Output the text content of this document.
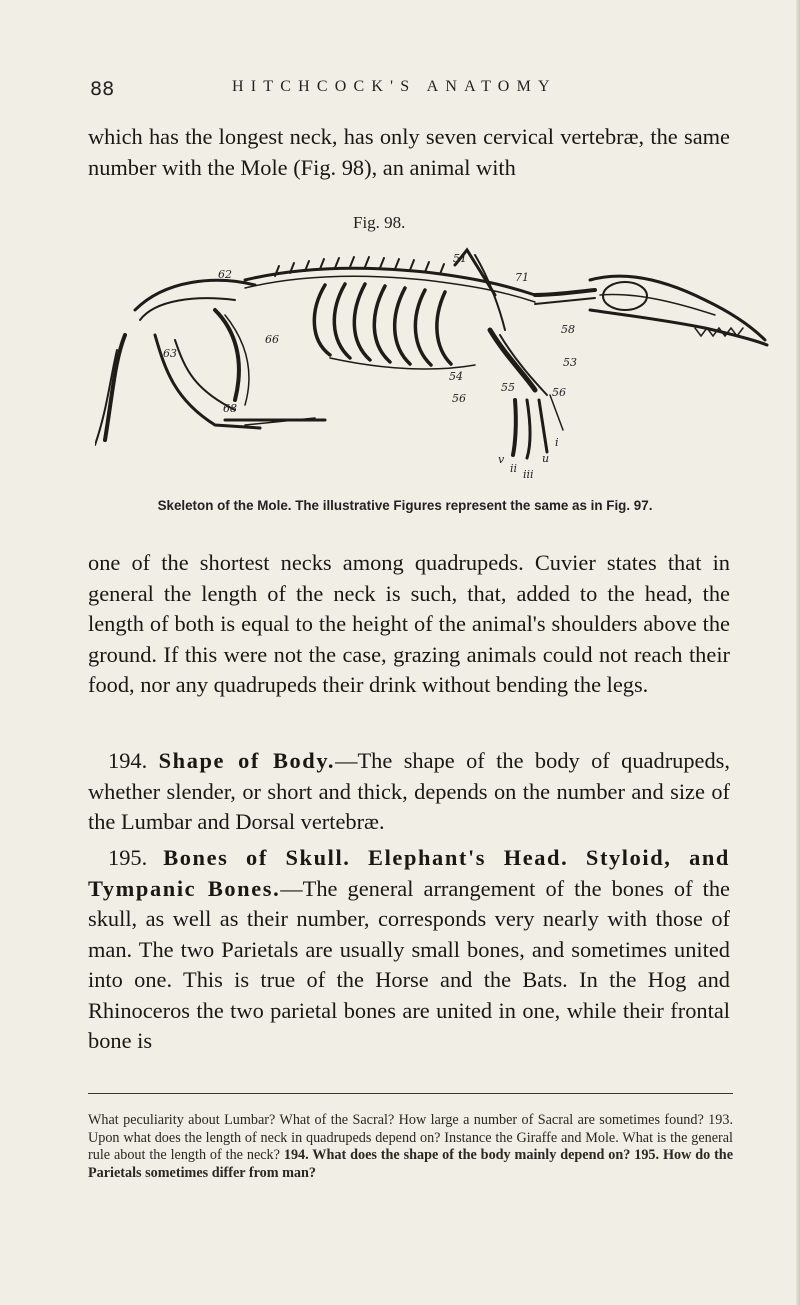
88	HITCHCOCK'S ANATOMY

which has the longest neck, has only seven cervical vertebræ, the same number with the Mole (Fig. 98), an animal with

Fig. 98.
62
63
66
68
51
71
58
53
54
55
56	56
v
ii iii
u
i
Skeleton of the Mole. The illustrative Figures represent the same as in Fig. 97.

one of the shortest necks among quadrupeds. Cuvier states that in general the length of the neck is such, that, added to the head, the length of both is equal to the height of the animal's shoulders above the ground. If this were not the case, grazing animals could not reach their food, nor any quadrupeds their drink without bending the legs.

194. Shape of Body.—The shape of the body of quadrupeds, whether slender, or short and thick, depends on the number and size of the Lumbar and Dorsal vertebræ.

195. Bones of Skull. Elephant's Head. Styloid, and Tympanic Bones.—The general arrangement of the bones of the skull, as well as their number, corresponds very nearly with those of man. The two Parietals are usually small bones, and sometimes united into one. This is true of the Horse and the Bats. In the Hog and Rhinoceros the two parietal bones are united in one, while their frontal bone is

What peculiarity about Lumbar? What of the Sacral? How large a number of Sacral are sometimes found? 193. Upon what does the length of neck in quadrupeds depend on? Instance the Giraffe and Mole. What is the general rule about the length of the neck? 194. What does the shape of the body mainly depend on? 195. How do the Parietals sometimes differ from man?
